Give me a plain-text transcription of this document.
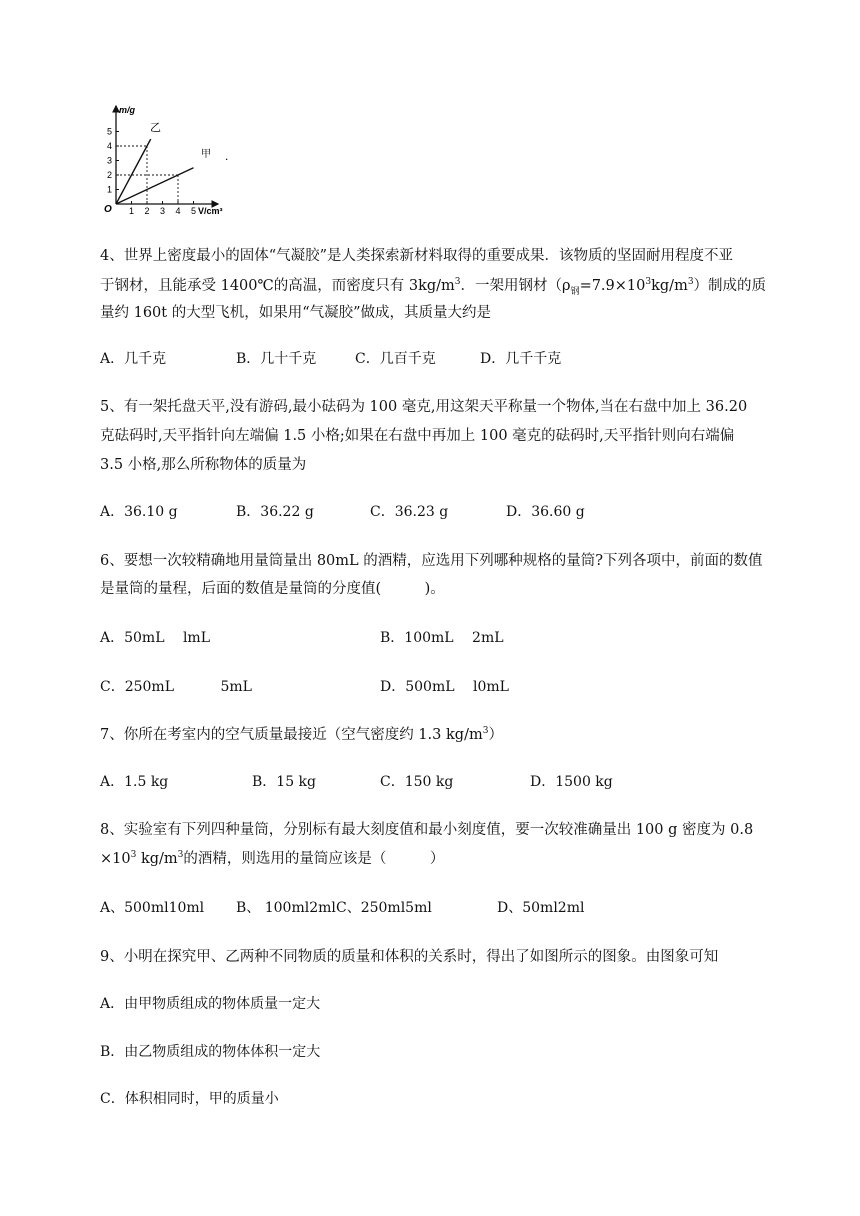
1
2
3
4
5
1 2 3 4 5
m/g
V/cm³
O
乙
甲 .
4、世界上密度最小的固体“气凝胶”是人类探索新材料取得的重要成果．该物质的坚固耐用程度不亚
于钢材，且能承受 1400℃的高温，而密度只有 $3kg/m^3$．一架用钢材$(\rho_钢=7.9\times 10^3kg/m^3)$制成的质
量约 160t 的大型飞机，如果用“气凝胶”做成，其质量大约是
A．几千克	B．几十千克	C．几百千克	D．几千千克
5、有一架托盘天平,没有游码,最小砝码为 100 毫克,用这架天平称量一个物体,当在右盘中加上 36.20
克砝码时,天平指针向左端偏 1.5 小格;如果在右盘中再加上 100 毫克的砝码时,天平指针则向右端偏
3.5 小格,那么所称物体的质量为
A．36.10 g	B．36.22 g	C．36.23 g	D．36.60 g
6、要想一次较精确地用量筒量出 80mL 的酒精，应选用下列哪种规格的量筒?下列各项中，前面的数值
是量筒的量程，后面的数值是量筒的分度值(　　　)。
A．50mL　 lmL	B．100mL　 2mL
C．250mL　　　 5mL	D．500mL　 l0mL
7、你所在考室内的空气质量最接近（空气密度约 1.3 $kg/m^3$）
A．1.5 kg	B．15 kg	C．150 kg	D．1500 kg
8、实验室有下列四种量筒，分别标有最大刻度值和最小刻度值，要一次较准确量出 100 g 密度为 0.8
$\times 10^3$ $kg/m^3$的酒精，则选用的量筒应该是（　　　）
A、500ml10ml B、 100ml2ml C、250ml5ml	D、50ml2ml
9、小明在探究甲、乙两种不同物质的质量和体积的关系时，得出了如图所示的图象。由图象可知
A．由甲物质组成的物体质量一定大
B．由乙物质组成的物体体积一定大
C．体积相同时，甲的质量小
